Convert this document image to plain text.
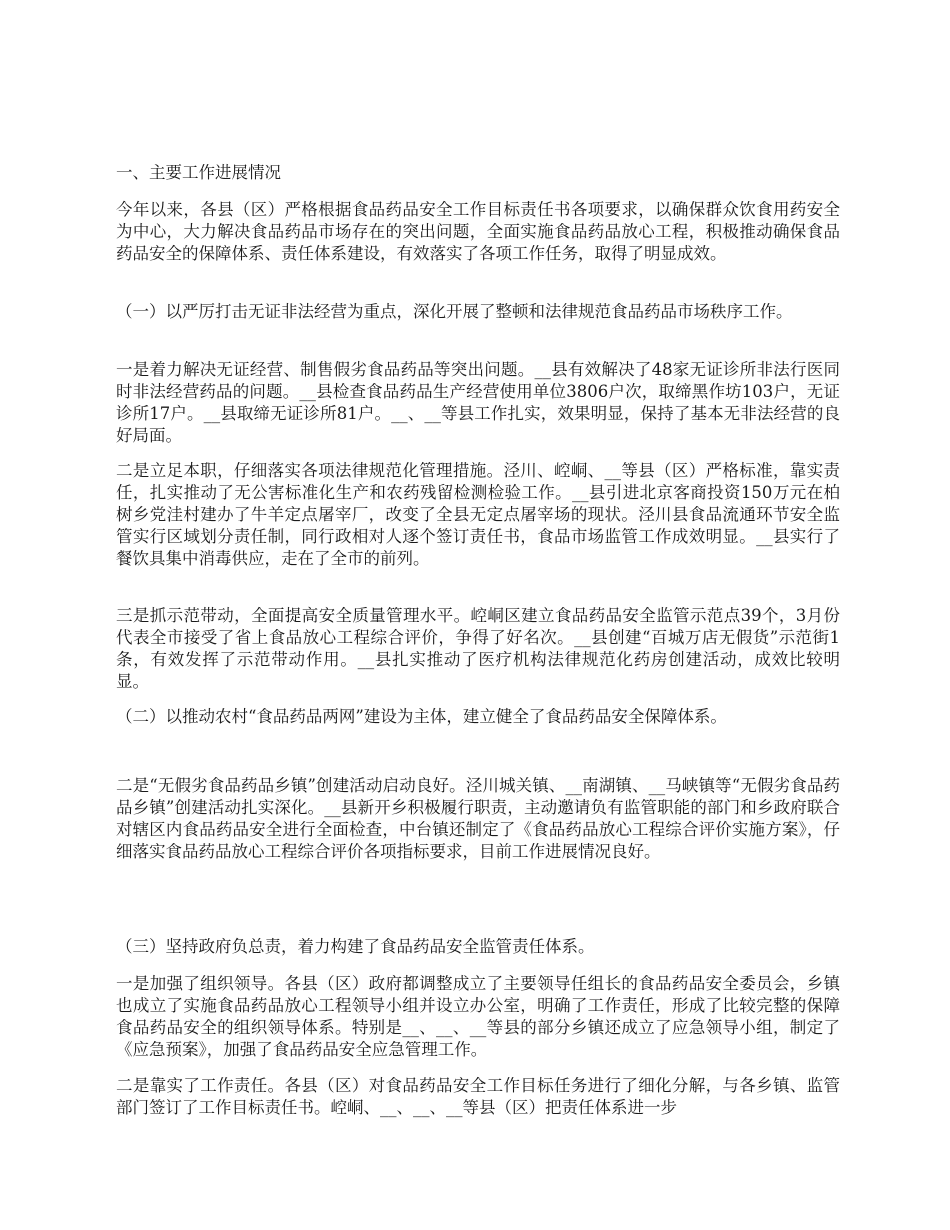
一、主要工作进展情况

今年以来，各县（区）严格根据食品药品安全工作目标责任书各项要求，以确保群众饮食用药安全为中心，大力解决食品药品市场存在的突出问题，全面实施食品药品放心工程，积极推动确保食品药品安全的保障体系、责任体系建设，有效落实了各项工作任务，取得了明显成效。

（一）以严厉打击无证非法经营为重点，深化开展了整顿和法律规范食品药品市场秩序工作。

一是着力解决无证经营、制售假劣食品药品等突出问题。__县有效解决了48家无证诊所非法行医同时非法经营药品的问题。__县检查食品药品生产经营使用单位3806户次，取缔黑作坊103户，无证诊所17户。__县取缔无证诊所81户。__、__等县工作扎实，效果明显，保持了基本无非法经营的良好局面。

二是立足本职，仔细落实各项法律规范化管理措施。泾川、崆峒、__等县（区）严格标准，靠实责任，扎实推动了无公害标准化生产和农药残留检测检验工作。__县引进北京客商投资150万元在柏树乡党洼村建办了牛羊定点屠宰厂，改变了全县无定点屠宰场的现状。泾川县食品流通环节安全监管实行区域划分责任制，同行政相对人逐个签订责任书，食品市场监管工作成效明显。__县实行了餐饮具集中消毒供应，走在了全市的前列。

三是抓示范带动，全面提高安全质量管理水平。崆峒区建立食品药品安全监管示范点39个，3月份代表全市接受了省上食品放心工程综合评价，争得了好名次。__县创建“百城万店无假货”示范街1条，有效发挥了示范带动作用。__县扎实推动了医疗机构法律规范化药房创建活动，成效比较明显。

（二）以推动农村“食品药品两网”建设为主体，建立健全了食品药品安全保障体系。

二是“无假劣食品药品乡镇”创建活动启动良好。泾川城关镇、__南湖镇、__马峡镇等“无假劣食品药品乡镇”创建活动扎实深化。__县新开乡积极履行职责，主动邀请负有监管职能的部门和乡政府联合对辖区内食品药品安全进行全面检查，中台镇还制定了《食品药品放心工程综合评价实施方案》，仔细落实食品药品放心工程综合评价各项指标要求，目前工作进展情况良好。

（三）坚持政府负总责，着力构建了食品药品安全监管责任体系。

一是加强了组织领导。各县（区）政府都调整成立了主要领导任组长的食品药品安全委员会，乡镇也成立了实施食品药品放心工程领导小组并设立办公室，明确了工作责任，形成了比较完整的保障食品药品安全的组织领导体系。特别是__、__、__等县的部分乡镇还成立了应急领导小组，制定了《应急预案》，加强了食品药品安全应急管理工作。

二是靠实了工作责任。各县（区）对食品药品安全工作目标任务进行了细化分解，与各乡镇、监管部门签订了工作目标责任书。崆峒、__、__、__等县（区）把责任体系进一步
